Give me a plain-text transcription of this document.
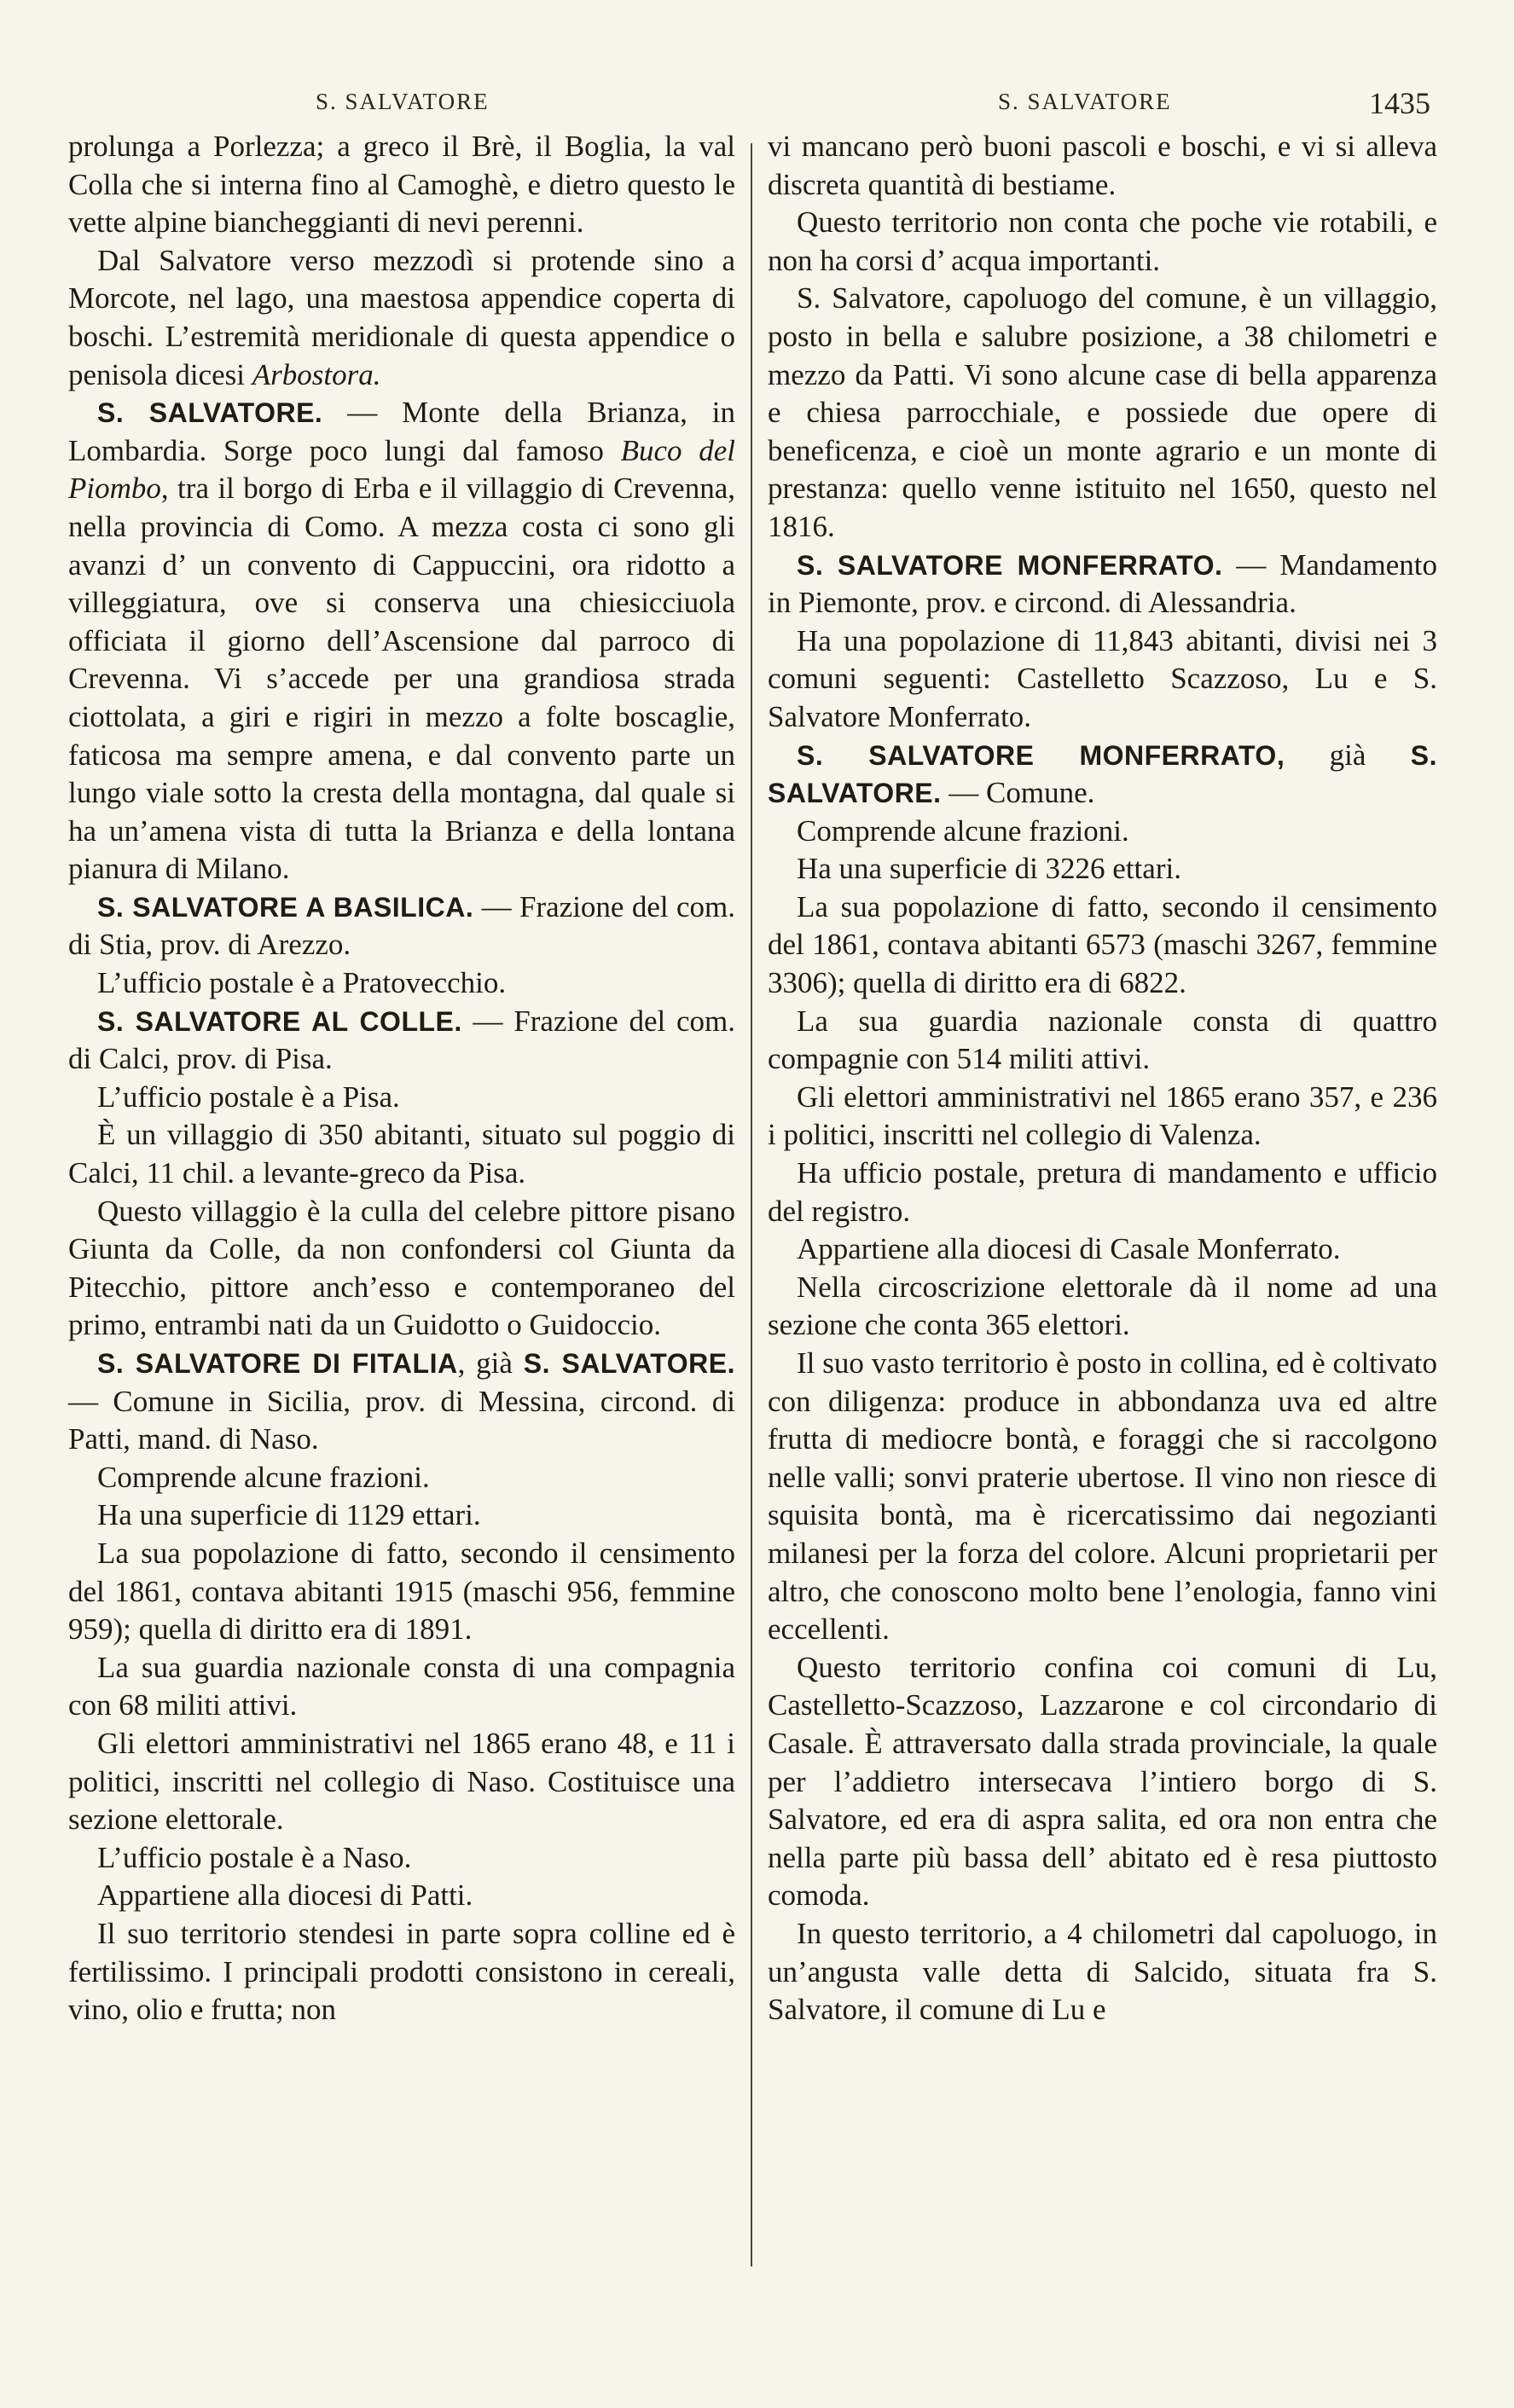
S. SALVATORE	S. SALVATORE	1435

prolunga a Porlezza; a greco il Brè, il Boglia, la val Colla che si interna fino al Camoghè, e dietro questo le vette alpine biancheggianti di nevi perenni.

Dal Salvatore verso mezzodì si protende sino a Morcote, nel lago, una maestosa appendice coperta di boschi. L’estremità meridionale di questa appendice o penisola dicesi Arbostora.

S. SALVATORE. — Monte della Brianza, in Lombardia. Sorge poco lungi dal famoso Buco del Piombo, tra il borgo di Erba e il villaggio di Crevenna, nella provincia di Como. A mezza costa ci sono gli avanzi d’ un convento di Cappuccini, ora ridotto a villeggiatura, ove si conserva una chiesicciuola officiata il giorno dell’Ascensione dal parroco di Crevenna. Vi s’accede per una grandiosa strada ciottolata, a giri e rigiri in mezzo a folte boscaglie, faticosa ma sempre amena, e dal convento parte un lungo viale sotto la cresta della montagna, dal quale si ha un’amena vista di tutta la Brianza e della lontana pianura di Milano.

S. SALVATORE A BASILICA. — Frazione del com. di Stia, prov. di Arezzo.

L’ufficio postale è a Pratovecchio.

S. SALVATORE AL COLLE. — Frazione del com. di Calci, prov. di Pisa.

L’ufficio postale è a Pisa.

È un villaggio di 350 abitanti, situato sul poggio di Calci, 11 chil. a levante-greco da Pisa.

Questo villaggio è la culla del celebre pittore pisano Giunta da Colle, da non confondersi col Giunta da Pitecchio, pittore anch’esso e contemporaneo del primo, entrambi nati da un Guidotto o Guidoccio.

S. SALVATORE DI FITALIA, già S. SALVATORE. — Comune in Sicilia, prov. di Messina, circond. di Patti, mand. di Naso.

Comprende alcune frazioni.

Ha una superficie di 1129 ettari.

La sua popolazione di fatto, secondo il censimento del 1861, contava abitanti 1915 (maschi 956, femmine 959); quella di diritto era di 1891.

La sua guardia nazionale consta di una compagnia con 68 militi attivi.

Gli elettori amministrativi nel 1865 erano 48, e 11 i politici, inscritti nel collegio di Naso. Costituisce una sezione elettorale.

L’ufficio postale è a Naso.

Appartiene alla diocesi di Patti.

Il suo territorio stendesi in parte sopra colline ed è fertilissimo. I principali prodotti consistono in cereali, vino, olio e frutta; non

vi mancano però buoni pascoli e boschi, e vi si alleva discreta quantità di bestiame.

Questo territorio non conta che poche vie rotabili, e non ha corsi d’ acqua importanti.

S. Salvatore, capoluogo del comune, è un villaggio, posto in bella e salubre posizione, a 38 chilometri e mezzo da Patti. Vi sono alcune case di bella apparenza e chiesa parrocchiale, e possiede due opere di beneficenza, e cioè un monte agrario e un monte di prestanza: quello venne istituito nel 1650, questo nel 1816.

S. SALVATORE MONFERRATO. — Mandamento in Piemonte, prov. e circond. di Alessandria.

Ha una popolazione di 11,843 abitanti, divisi nei 3 comuni seguenti: Castelletto Scazzoso, Lu e S. Salvatore Monferrato.

S. SALVATORE MONFERRATO, già S. SALVATORE. — Comune.

Comprende alcune frazioni.

Ha una superficie di 3226 ettari.

La sua popolazione di fatto, secondo il censimento del 1861, contava abitanti 6573 (maschi 3267, femmine 3306); quella di diritto era di 6822.

La sua guardia nazionale consta di quattro compagnie con 514 militi attivi.

Gli elettori amministrativi nel 1865 erano 357, e 236 i politici, inscritti nel collegio di Valenza.

Ha ufficio postale, pretura di mandamento e ufficio del registro.

Appartiene alla diocesi di Casale Monferrato.

Nella circoscrizione elettorale dà il nome ad una sezione che conta 365 elettori.

Il suo vasto territorio è posto in collina, ed è coltivato con diligenza: produce in abbondanza uva ed altre frutta di mediocre bontà, e foraggi che si raccolgono nelle valli; sonvi praterie ubertose. Il vino non riesce di squisita bontà, ma è ricercatissimo dai negozianti milanesi per la forza del colore. Alcuni proprietarii per altro, che conoscono molto bene l’enologia, fanno vini eccellenti.

Questo territorio confina coi comuni di Lu, Castelletto-Scazzoso, Lazzarone e col circondario di Casale. È attraversato dalla strada provinciale, la quale per l’addietro intersecava l’intiero borgo di S. Salvatore, ed era di aspra salita, ed ora non entra che nella parte più bassa dell’ abitato ed è resa piuttosto comoda.

In questo territorio, a 4 chilometri dal capoluogo, in un’angusta valle detta di Salcido, situata fra S. Salvatore, il comune di Lu e
